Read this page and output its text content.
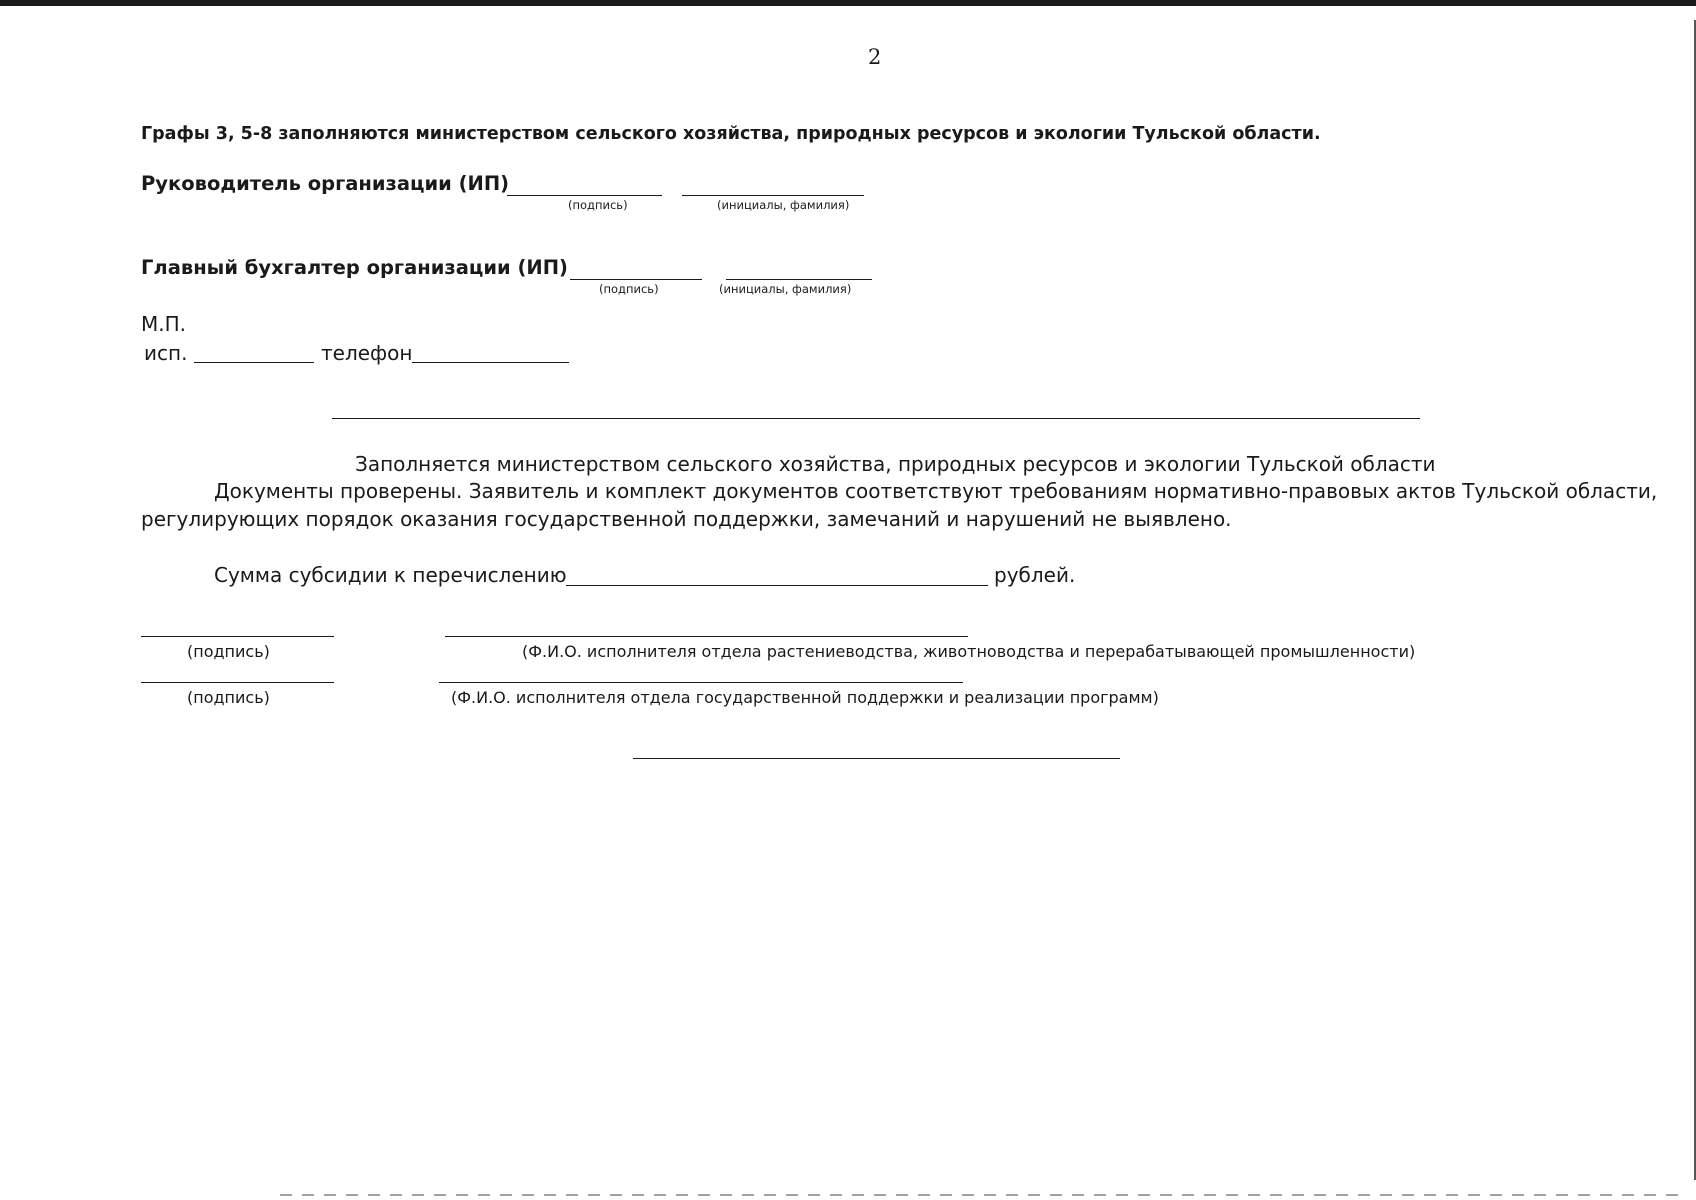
2
Графы 3, 5-8 заполняются министерством сельского хозяйства, природных ресурсов и экологии Тульской области.
Руководитель организации (ИП)
(подпись)	(инициалы, фамилия)
Главный бухгалтер организации (ИП)
(подпись)	(инициалы, фамилия)
М.П.
исп.	телефон
Заполняется министерством сельского хозяйства, природных ресурсов и экологии Тульской области
Документы проверены. Заявитель и комплект документов соответствуют требованиям нормативно-правовых актов Тульской области,
регулирующих порядок оказания государственной поддержки, замечаний и нарушений не выявлено.
Сумма субсидии к перечислению	рублей.
(подпись)	(Ф.И.О. исполнителя отдела растениеводства, животноводства и перерабатывающей промышленности)
(подпись)	(Ф.И.О. исполнителя отдела государственной поддержки и реализации программ)
